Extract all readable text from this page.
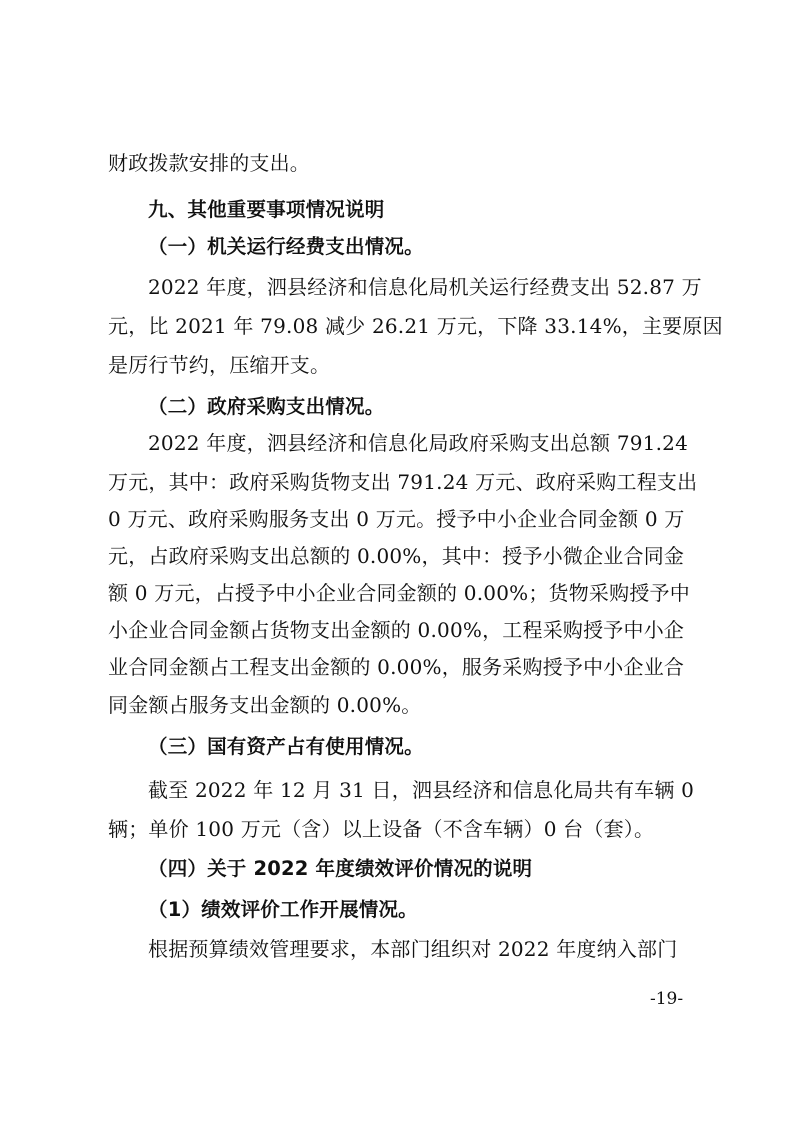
财政拨款安排的支出。
九、其他重要事项情况说明
（一）机关运行经费支出情况。
2022 年度，泗县经济和信息化局机关运行经费支出 52.87 万
元，比 2021 年 79.08 减少 26.21 万元，下降 33.14%，主要原因
是厉行节约，压缩开支。
（二）政府采购支出情况。
2022 年度，泗县经济和信息化局政府采购支出总额 791.24
万元，其中：政府采购货物支出 791.24 万元、政府采购工程支出
0 万元、政府采购服务支出 0 万元。授予中小企业合同金额 0 万
元，占政府采购支出总额的 0.00%，其中：授予小微企业合同金
额 0 万元，占授予中小企业合同金额的 0.00%；货物采购授予中
小企业合同金额占货物支出金额的 0.00%，工程采购授予中小企
业合同金额占工程支出金额的 0.00%，服务采购授予中小企业合
同金额占服务支出金额的 0.00%。
（三）国有资产占有使用情况。
截至 2022 年 12 月 31 日，泗县经济和信息化局共有车辆 0
辆；单价 100 万元（含）以上设备（不含车辆）0 台（套）。
（四）关于 2022 年度绩效评价情况的说明
（1）绩效评价工作开展情况。
根据预算绩效管理要求，本部门组织对 2022 年度纳入部门
-19-
